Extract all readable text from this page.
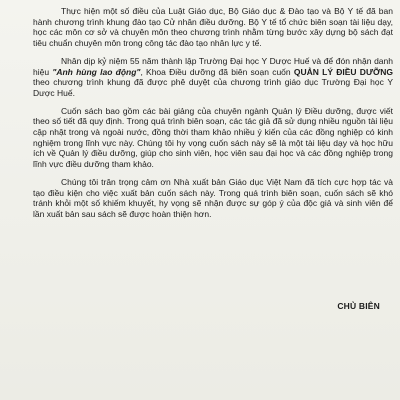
Thực hiện một số điều của Luật Giáo dục, Bộ Giáo dục & Đào tạo và Bộ Y tế đã ban hành chương trình khung đào tạo Cử nhân điều dưỡng. Bộ Y tế tổ chức biên soạn tài liệu dạy, học các môn cơ sở và chuyên môn theo chương trình nhằm từng bước xây dựng bộ sách đạt tiêu chuẩn chuyên môn trong công tác đào tạo nhân lực y tế.

Nhân dịp kỷ niệm 55 năm thành lập Trường Đại học Y Dược Huế và để đón nhận danh hiệu "Anh hùng lao động", Khoa Điều dưỡng đã biên soạn cuốn QUẢN LÝ ĐIỀU DƯỠNG theo chương trình khung đã được phê duyệt của chương trình giáo dục Trường Đại học Y Dược Huế.

Cuốn sách bao gồm các bài giảng của chuyên ngành Quản lý Điều dưỡng, được viết theo số tiết đã quy định. Trong quá trình biên soạn, các tác giả đã sử dụng nhiều nguồn tài liệu cập nhật trong và ngoài nước, đồng thời tham khảo nhiều ý kiến của các đồng nghiệp có kinh nghiệm trong lĩnh vực này. Chúng tôi hy vọng cuốn sách này sẽ là một tài liệu dạy và học hữu ích về Quản lý điều dưỡng, giúp cho sinh viên, học viên sau đại học và các đồng nghiệp trong lĩnh vực điều dưỡng tham khảo.

Chúng tôi trân trọng cảm ơn Nhà xuất bản Giáo dục Việt Nam đã tích cực hợp tác và tạo điều kiện cho việc xuất bản cuốn sách này. Trong quá trình biên soạn, cuốn sách sẽ khó tránh khỏi một số khiếm khuyết, hy vọng sẽ nhận được sự góp ý của độc giả và sinh viên để lần xuất bản sau sách sẽ được hoàn thiện hơn.

CHỦ BIÊN
